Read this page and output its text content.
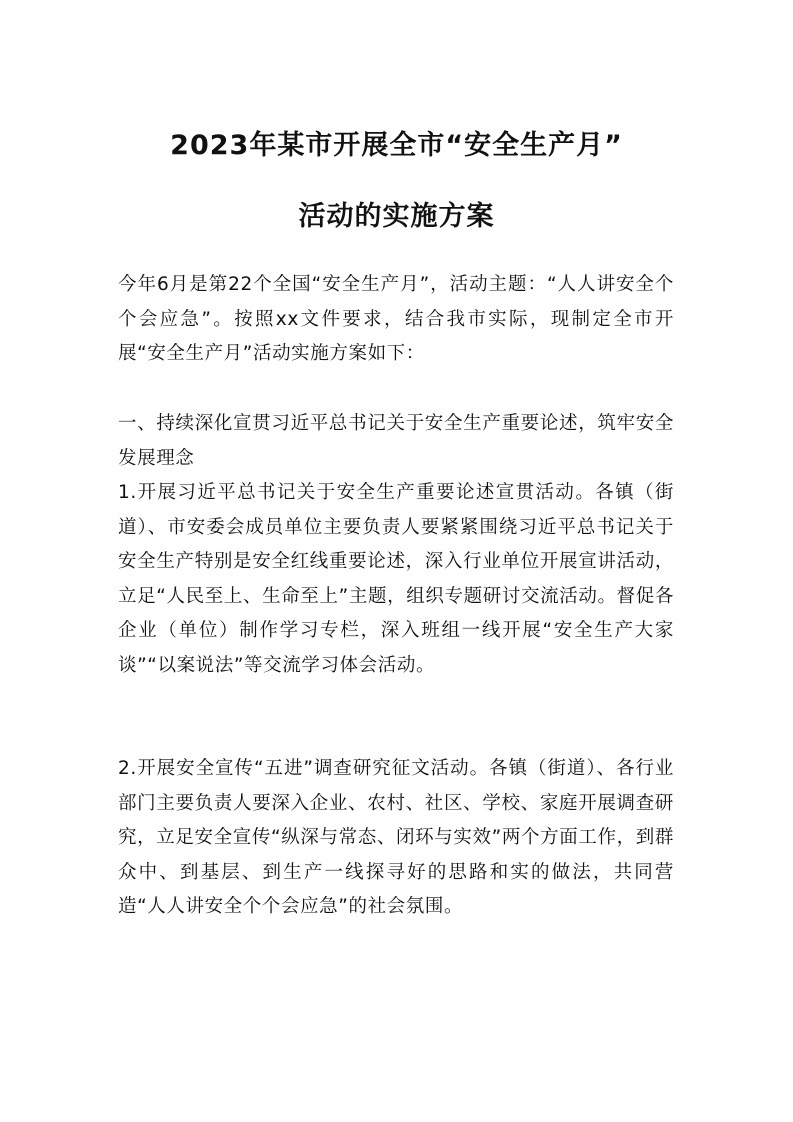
2023年某市开展全市“安全生产月”
活动的实施方案

今年6月是第22个全国“安全生产月”，活动主题：“人人讲安全个个会应急”。按照xx文件要求，结合我市实际，现制定全市开展“安全生产月”活动实施方案如下：

一、持续深化宣贯习近平总书记关于安全生产重要论述，筑牢安全发展理念

1.开展习近平总书记关于安全生产重要论述宣贯活动。各镇（街道）、市安委会成员单位主要负责人要紧紧围绕习近平总书记关于安全生产特别是安全红线重要论述，深入行业单位开展宣讲活动，立足“人民至上、生命至上”主题，组织专题研讨交流活动。督促各企业（单位）制作学习专栏，深入班组一线开展“安全生产大家谈”“以案说法”等交流学习体会活动。

2.开展安全宣传“五进”调查研究征文活动。各镇（街道）、各行业部门主要负责人要深入企业、农村、社区、学校、家庭开展调查研究，立足安全宣传“纵深与常态、闭环与实效”两个方面工作，到群众中、到基层、到生产一线探寻好的思路和实的做法，共同营造“人人讲安全个个会应急”的社会氛围。
